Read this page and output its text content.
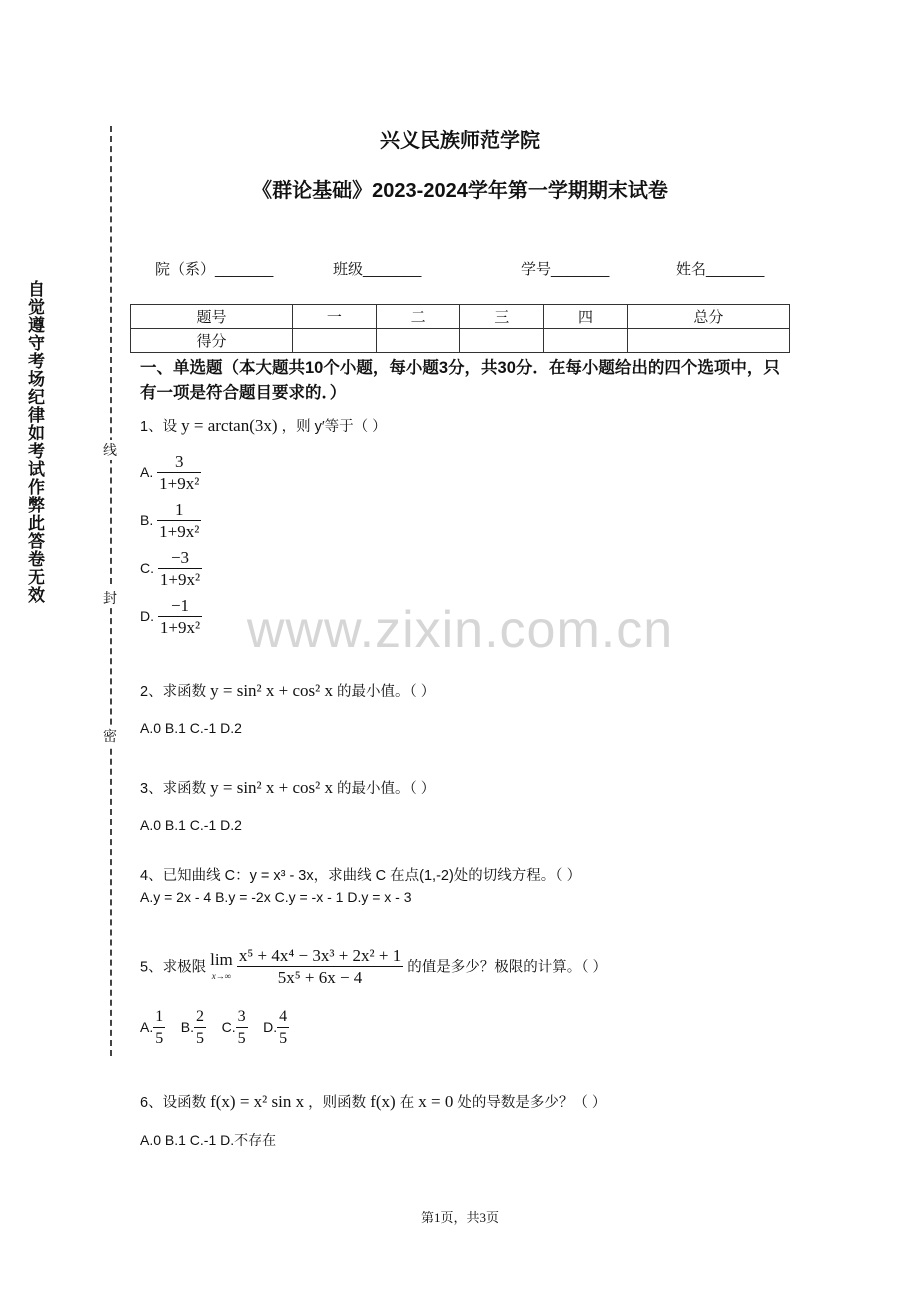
兴义民族师范学院
《群论基础》2023-2024学年第一学期期末试卷
自觉遵守考场纪律如考试作弊此答卷无效	线
封
密
院（系）_______	班级_______	学号_______	姓名_______
题号	一	二	三	四	总分
得分					
一、单选题（本大题共10个小题，每小题3分，共30分．在每小题给出的四个选项中，只有一项是符合题目要求的．）
1、设 y = arctan(3x) ，则 y′等于（ ）
A. $\frac{3}{\text{1+9x²}}$
B. $\frac{1}{\text{1+9x²}}$
C. $\frac{-3}{\text{1+9x²}}$
D. $\frac{-1}{\text{1+9x²}}$ www.zixin.com.cn
2、求函数 y = sin² x + cos² x 的最小值。（ ）
A.0 B.1 C.-1 D.2
3、求函数 y = sin² x + cos² x 的最小值。（ ）
A.0 B.1 C.-1 D.2
4、已知曲线 C：y = x³ - 3x，求曲线 C 在点(1,-2)处的切线方程。（ ）
A.y = 2x - 4 B.y = -2x C.y = -x - 1 D.y = x - 3
5、求极限 lim
x→∞
$\frac{\text{x⁵ + 4x⁴ − 3x³ + 2x² + 1}}{\text{5x⁵ + 6x − 4}}$ 的值是多少？极限的计算。（ ）
A. $\frac{1}{5} B$. $\frac{2}{5} C$. $\frac{3}{5} D$. $\frac{4}{5}$
6、设函数 f(x) = x² sin x ，则函数 f(x) 在 x = 0 处的导数是多少？（ ）
A.0 B.1 C.-1 D.不存在
第1页，共3页
